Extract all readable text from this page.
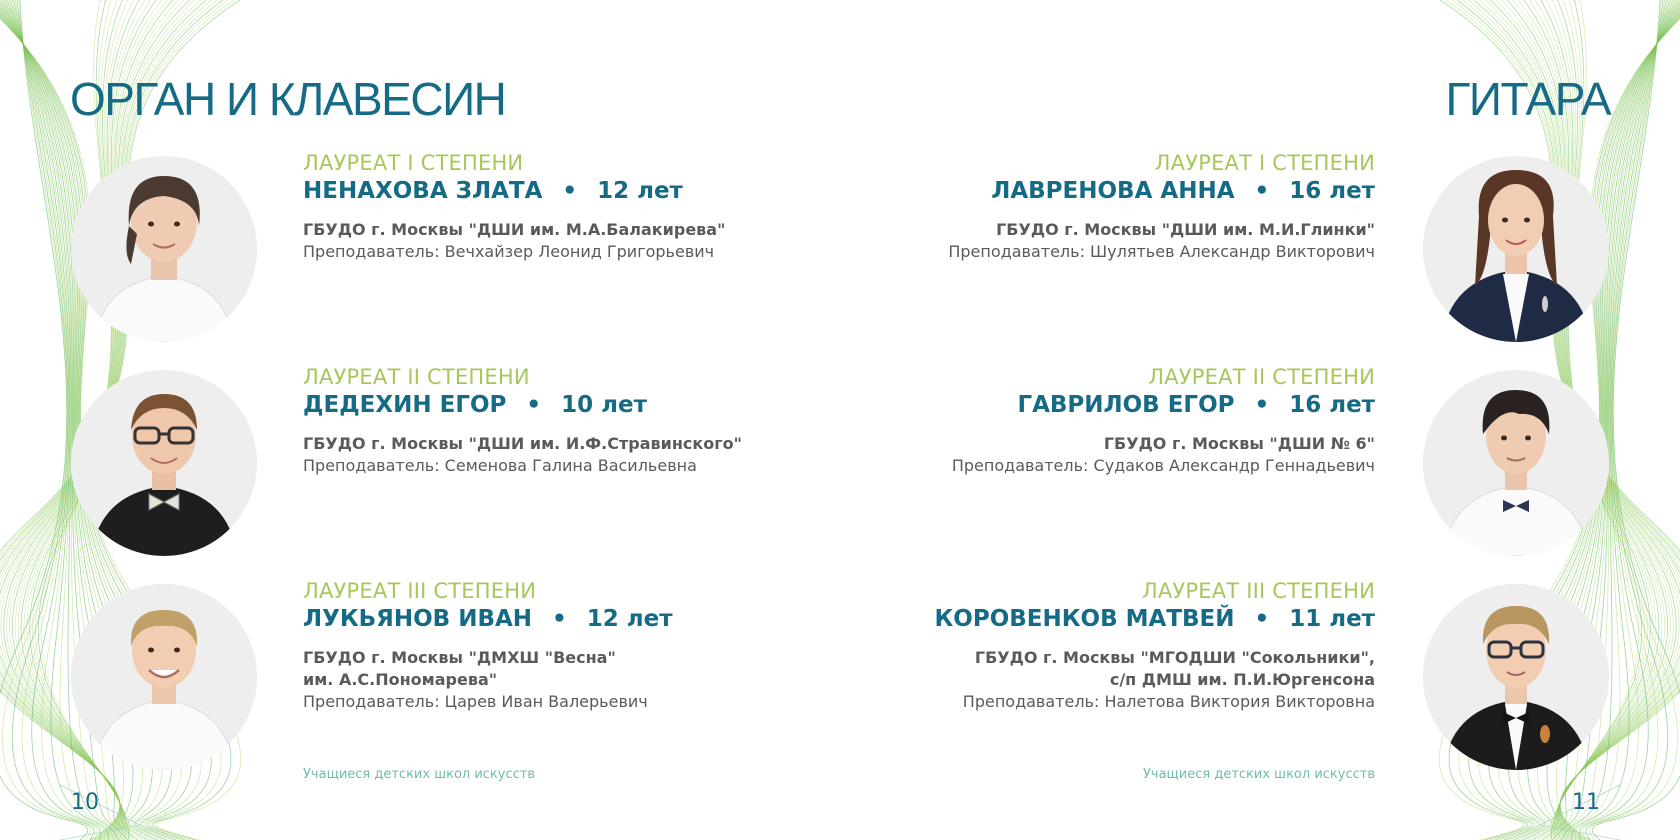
ОРГАН И КЛАВЕСИН	ГИТАРА
ЛАУРЕАТ I СТЕПЕНИ
НЕНАХОВА ЗЛАТА • 12 лет
ГБУДО г. Москвы "ДШИ им. М.А.Балакирева"
Преподаватель: Вечхайзер Леонид Григорьевич
ЛАУРЕАТ II СТЕПЕНИ
ДЕДЕХИН ЕГОР • 10 лет
ГБУДО г. Москвы "ДШИ им. И.Ф.Стравинского"
Преподаватель: Семенова Галина Васильевна
ЛАУРЕАТ III СТЕПЕНИ
ЛУКЬЯНОВ ИВАН • 12 лет
ГБУДО г. Москвы "ДМХШ "Весна"
им. А.С.Пономарева"
Преподаватель: Царев Иван Валерьевич
Учащиеся детских школ искусств
10
ЛАУРЕАТ I СТЕПЕНИ
ЛАВРЕНОВА АННА • 16 лет
ГБУДО г. Москвы "ДШИ им. М.И.Глинки"
Преподаватель: Шулятьев Александр Викторович
ЛАУРЕАТ II СТЕПЕНИ
ГАВРИЛОВ ЕГОР • 16 лет
ГБУДО г. Москвы "ДШИ № 6"
Преподаватель: Судаков Александр Геннадьевич
ЛАУРЕАТ III СТЕПЕНИ
КОРОВЕНКОВ МАТВЕЙ • 11 лет
ГБУДО г. Москвы "МГОДШИ "Сокольники",
с/п ДМШ им. П.И.Юргенсона
Преподаватель: Налетова Виктория Викторовна
Учащиеся детских школ искусств
11
